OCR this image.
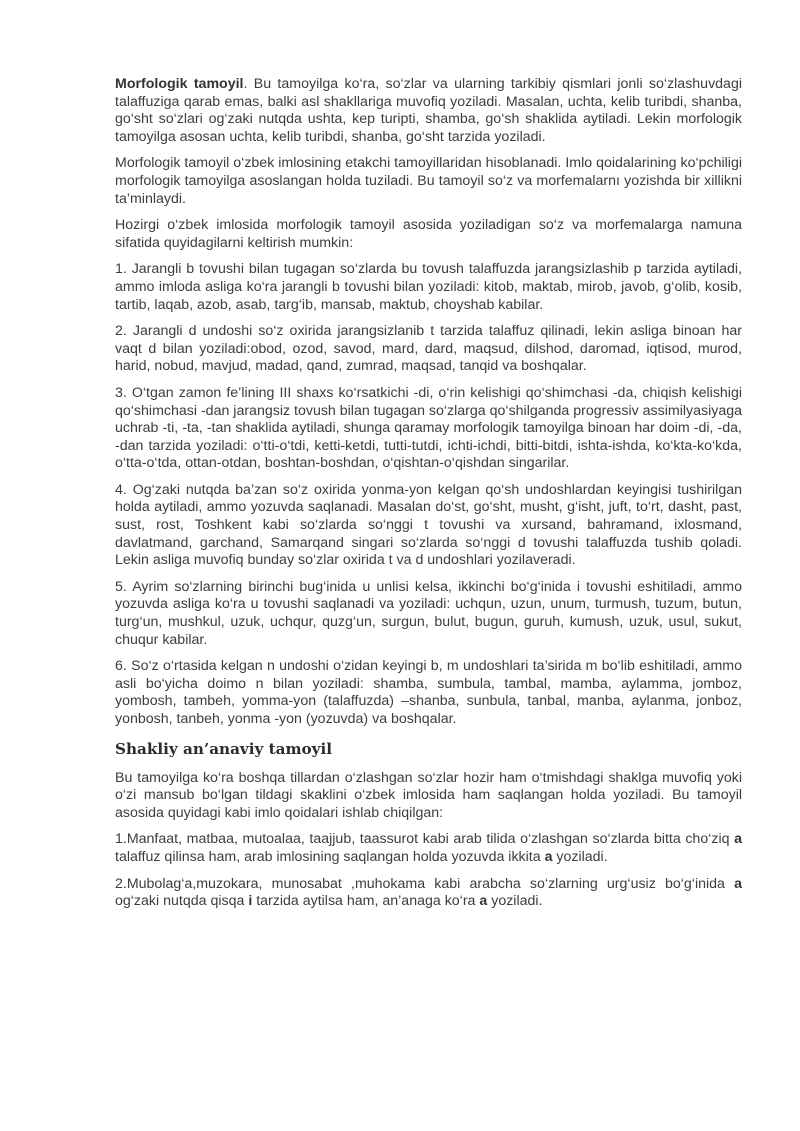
Morfologik tamoyil. Bu tamoyilga ko‘ra, so‘zlar va ularning tarkibiy qismlari jonli so‘zlashuvdagi talaffuziga qarab emas, balki asl shakllariga muvofiq yoziladi. Masalan, uchta, kelib turibdi, shanba, go‘sht so‘zlari og‘zaki nutqda ushta, kep turipti, shamba, go‘sh shaklida aytiladi. Lekin morfologik tamoyilga asosan uchta, kelib turibdi, shanba, go‘sht tarzida yoziladi.

Morfologik tamoyil o‘zbek imlosining etakchi tamoyillaridan hisoblanadi. Imlo qoidalarining ko‘pchiligi morfologik tamoyilga asoslangan holda tuziladi. Bu tamoyil so‘z va morfemalarnı yozishda bir xillikni ta’minlaydi.

Hozirgi o‘zbek imlosida morfologik tamoyil asosida yoziladigan so‘z va morfemalarga namuna sifatida quyidagilarni keltirish mumkin:

1. Jarangli b tovushi bilan tugagan so‘zlarda bu tovush talaffuzda jarangsizlashib p tarzida aytiladi, ammo imloda asliga ko‘ra jarangli b tovushi bilan yoziladi: kitob, maktab, mirob, javob, g‘olib, kosib, tartib, laqab, azob, asab, targ‘ib, mansab, maktub, choyshab kabilar.

2. Jarangli d undoshi so‘z oxirida jarangsizlanib t tarzida talaffuz qilinadi, lekin asliga binoan har vaqt d bilan yoziladi:obod, ozod, savod, mard, dard, maqsud, dilshod, daromad, iqtisod, murod, harid, nobud, mavjud, madad, qand, zumrad, maqsad, tanqid va boshqalar.

3. O‘tgan zamon fe’lining III shaxs ko‘rsatkichi -di, o‘rin kelishigi qo‘shimchasi -da, chiqish kelishigi qo‘shimchasi -dan jarangsiz tovush bilan tugagan so‘zlarga qo‘shilganda progressiv assimilyasiyaga uchrab -ti, -ta, -tan shaklida aytiladi, shunga qaramay morfologik tamoyilga binoan har doim -di, -da, -dan tarzida yoziladi: o‘tti-o‘tdi, ketti-ketdi, tutti-tutdi, ichti-ichdi, bitti-bitdi, ishta-ishda, ko‘kta-ko‘kda, o‘tta-o‘tda, ottan-otdan, boshtan-boshdan, o‘qishtan-o‘qishdan singarilar.

4. Og‘zaki nutqda ba’zan so‘z oxirida yonma-yon kelgan qo‘sh undoshlardan keyingisi tushirilgan holda aytiladi, ammo yozuvda saqlanadi. Masalan do‘st, go‘sht, musht, g‘isht, juft, to‘rt, dasht, past, sust, rost, Toshkent kabi so‘zlarda so‘nggi t tovushi va xursand, bahramand, ixlosmand, davlatmand, garchand, Samarqand singari so‘zlarda so‘nggi d tovushi talaffuzda tushib qoladi. Lekin asliga muvofiq bunday so‘zlar oxirida t va d undoshlari yozilaveradi.

5. Ayrim so‘zlarning birinchi bug‘inida u unlisi kelsa, ikkinchi bo‘g‘inida i tovushi eshitiladi, ammo yozuvda asliga ko‘ra u tovushi saqlanadi va yoziladi: uchqun, uzun, unum, turmush, tuzum, butun, turg‘un, mushkul, uzuk, uchqur, quzg‘un, surgun, bulut, bugun, guruh, kumush, uzuk, usul, sukut, chuqur kabilar.

6. So‘z o‘rtasida kelgan n undoshi o‘zidan keyingi b, m undoshlari ta’sirida m bo‘lib eshitiladi, ammo asli bo‘yicha doimo n bilan yoziladi: shamba, sumbula, tambal, mamba, aylamma, jomboz, yombosh, tambeh, yomma-yon (talaffuzda) –shanba, sunbula, tanbal, manba, aylanma, jonboz, yonbosh, tanbeh, yonma -yon (yozuvda) va boshqalar.

Shakliy an’anaviy tamoyil

Bu tamoyilga ko‘ra boshqa tillardan o‘zlashgan so‘zlar hozir ham o‘tmishdagi shaklga muvofiq yoki o‘zi mansub bo‘lgan tildagi skaklini o‘zbek imlosida ham saqlangan holda yoziladi. Bu tamoyil asosida quyidagi kabi imlo qoidalari ishlab chiqilgan:

1.Manfaat, matbaa, mutoalaa, taajjub, taassurot kabi arab tilida o‘zlashgan so‘zlarda bitta cho‘ziq a talaffuz qilinsa ham, arab imlosining saqlangan holda yozuvda ikkita a yoziladi.

2.Mubolag‘a,muzokara, munosabat ,muhokama kabi arabcha so‘zlarning urg‘usiz bo‘g‘inida a og‘zaki nutqda qisqa i tarzida aytilsa ham, an’anaga ko‘ra a yoziladi.
